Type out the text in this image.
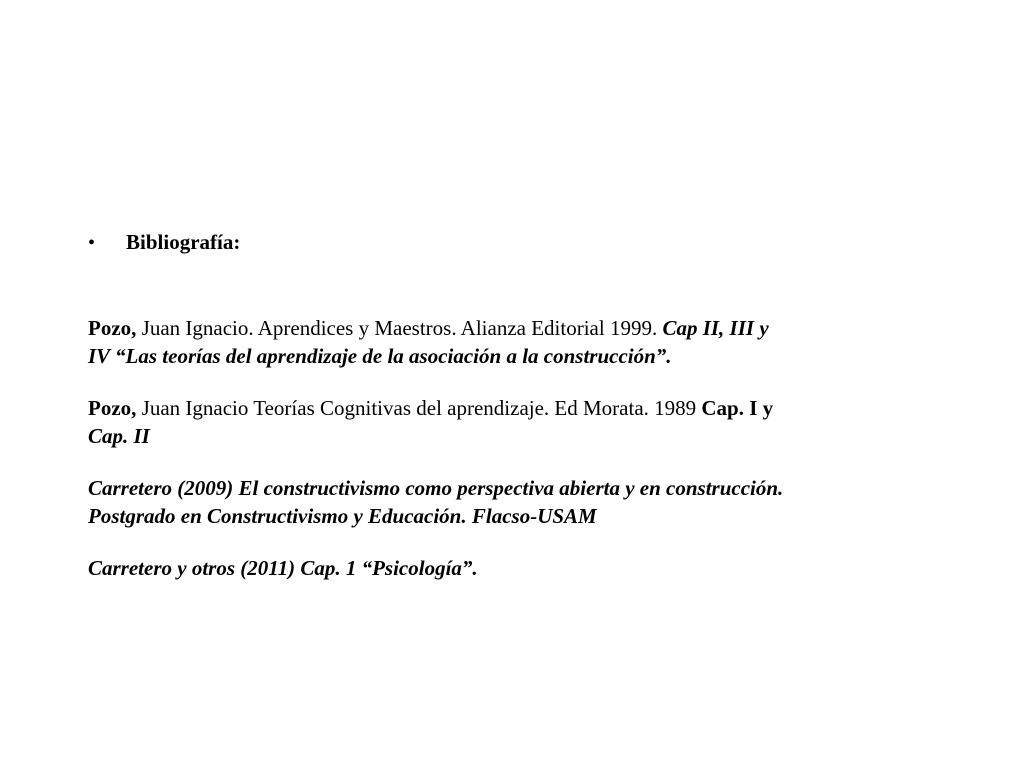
•	Bibliografía:
Pozo, Juan Ignacio. Aprendices y Maestros. Alianza Editorial 1999. Cap II, III y
IV “Las teorías del aprendizaje de la asociación a la construcción”.
Pozo, Juan Ignacio Teorías Cognitivas del aprendizaje. Ed Morata. 1989 Cap. I y
Cap. II
Carretero (2009) El constructivismo como perspectiva abierta y en construcción.
Postgrado en Constructivismo y Educación. Flacso-USAM
Carretero y otros (2011) Cap. 1 “Psicología”.
